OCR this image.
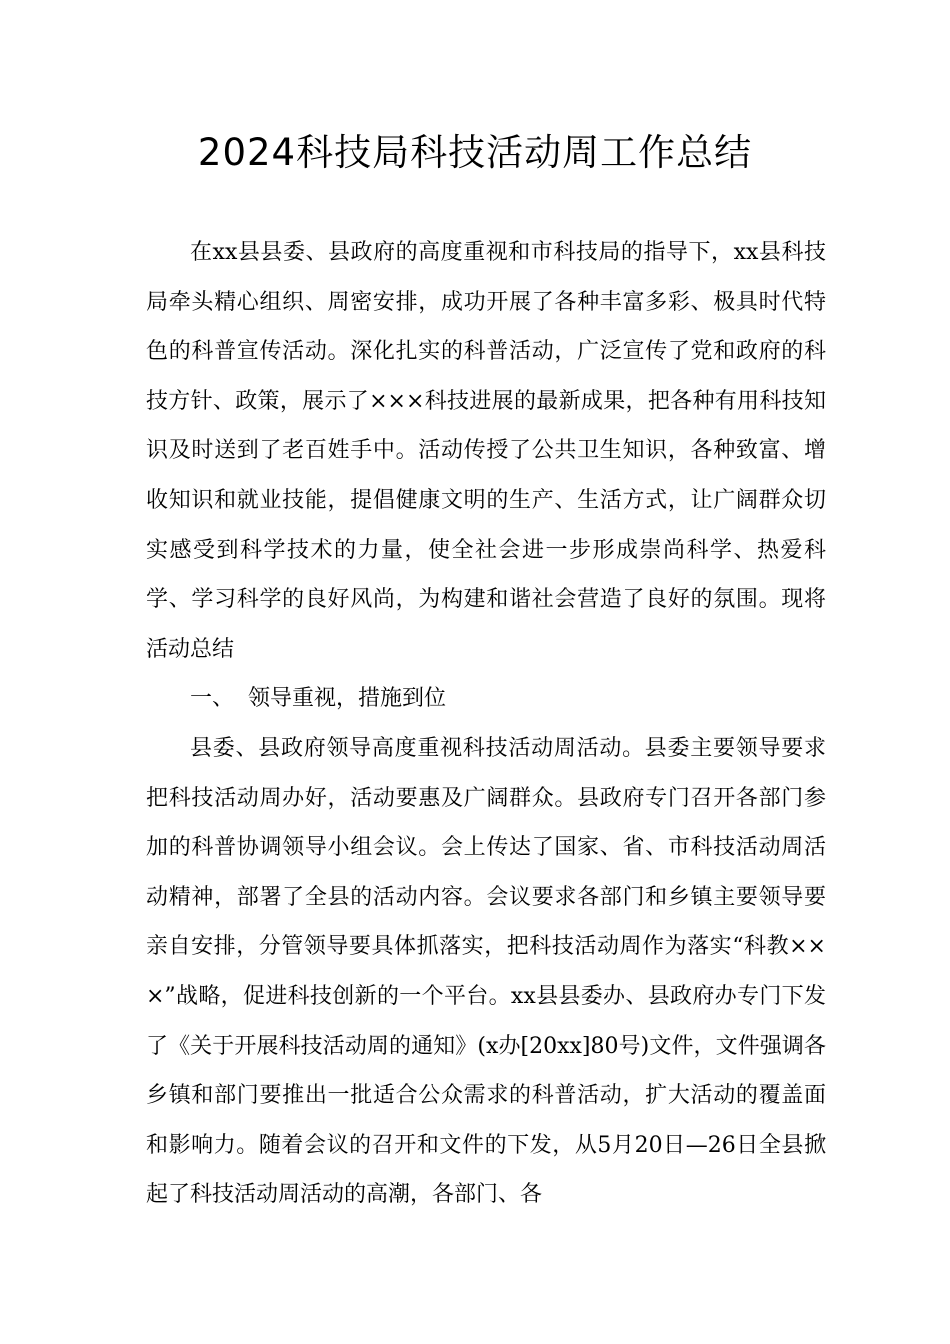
2024科技局科技活动周工作总结

在xx县县委、县政府的高度重视和市科技局的指导下，xx县科技局牵头精心组织、周密安排，成功开展了各种丰富多彩、极具时代特色的科普宣传活动。深化扎实的科普活动，广泛宣传了党和政府的科技方针、政策，展示了×××科技进展的最新成果，把各种有用科技知识及时送到了老百姓手中。活动传授了公共卫生知识，各种致富、增收知识和就业技能，提倡健康文明的生产、生活方式，让广阔群众切实感受到科学技术的力量，使全社会进一步形成崇尚科学、热爱科学、学习科学的良好风尚，为构建和谐社会营造了良好的氛围。现将活动总结

一、  领导重视，措施到位

县委、县政府领导高度重视科技活动周活动。县委主要领导要求把科技活动周办好，活动要惠及广阔群众。县政府专门召开各部门参加的科普协调领导小组会议。会上传达了国家、省、市科技活动周活动精神，部署了全县的活动内容。会议要求各部门和乡镇主要领导要亲自安排，分管领导要具体抓落实，把科技活动周作为落实“科教×××”战略，促进科技创新的一个平台。xx县县委办、县政府办专门下发了《关于开展科技活动周的通知》(x办[20xx]80号)文件，文件强调各乡镇和部门要推出一批适合公众需求的科普活动，扩大活动的覆盖面和影响力。随着会议的召开和文件的下发，从5月20日—26日全县掀起了科技活动周活动的高潮，各部门、各
